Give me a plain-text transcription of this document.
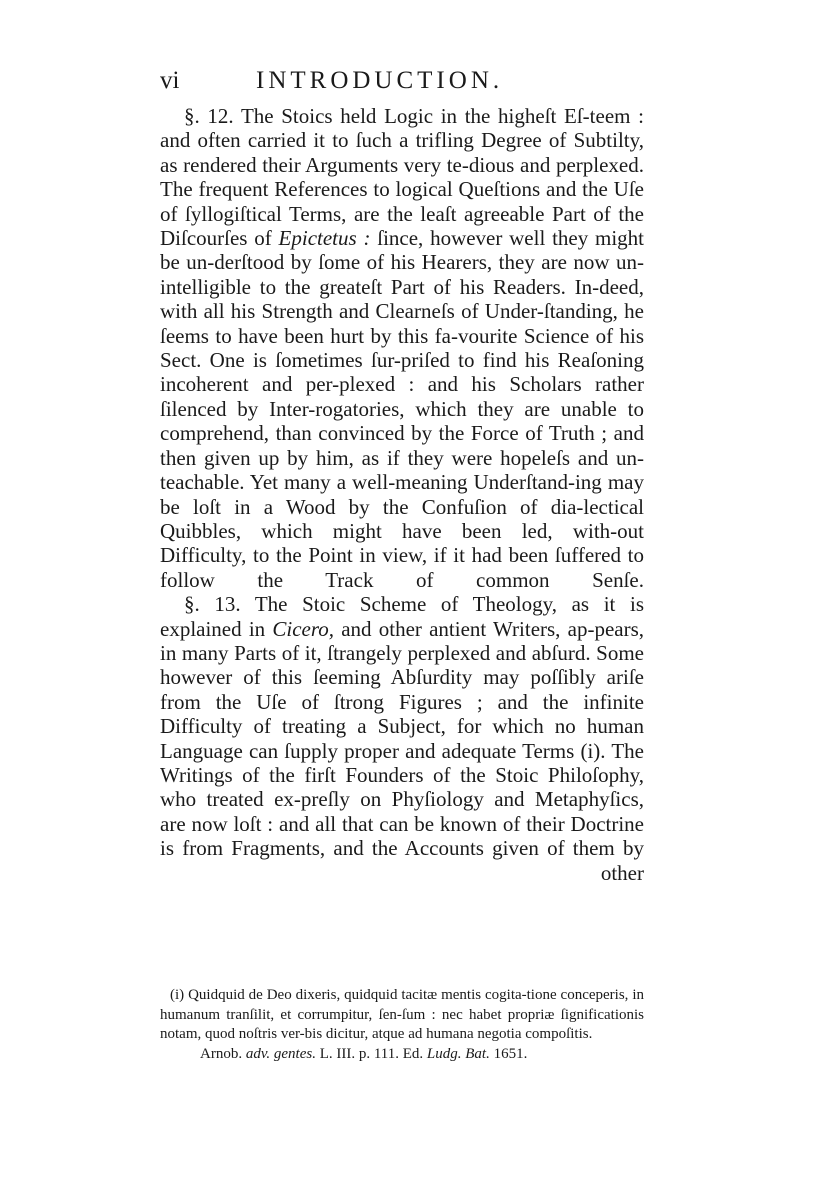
vi	INTRODUCTION.

§. 12. The Stoics held Logic in the higheſt Eſ-teem : and often carried it to ſuch a trifling Degree of Subtilty, as rendered their Arguments very te-dious and perplexed. The frequent References to logical Queſtions and the Uſe of ſyllogiſtical Terms, are the leaſt agreeable Part of the Diſcourſes of Epictetus : ſince, however well they might be un-derſtood by ſome of his Hearers, they are now un-intelligible to the greateſt Part of his Readers. In-deed, with all his Strength and Clearneſs of Under-ſtanding, he ſeems to have been hurt by this fa-vourite Science of his Sect. One is ſometimes ſur-priſed to find his Reaſoning incoherent and per-plexed : and his Scholars rather ſilenced by Inter-rogatories, which they are unable to comprehend, than convinced by the Force of Truth ; and then given up by him, as if they were hopeleſs and un-teachable. Yet many a well-meaning Underſtand-ing may be loſt in a Wood by the Confuſion of dia-lectical Quibbles, which might have been led, with-out Difficulty, to the Point in view, if it had been ſuffered to follow the Track of common Senſe.

§. 13. The Stoic Scheme of Theology, as it is explained in Cicero, and other antient Writers, ap-pears, in many Parts of it, ſtrangely perplexed and abſurd. Some however of this ſeeming Abſurdity may poſſibly ariſe from the Uſe of ſtrong Figures ; and the infinite Difficulty of treating a Subject, for which no human Language can ſupply proper and adequate Terms (i). The Writings of the firſt Founders of the Stoic Philoſophy, who treated ex-preſly on Phyſiology and Metaphyſics, are now loſt : and all that can be known of their Doctrine is from Fragments, and the Accounts given of them by

other

(i) Quidquid de Deo dixeris, quidquid tacitæ mentis cogita-tione conceperis, in humanum tranſilit, et corrumpitur, ſen-ſum : nec habet propriæ ſignificationis notam, quod noſtris ver-bis dicitur, atque ad humana negotia compoſitis.

Arnob. adv. gentes. L. III. p. 111. Ed. Ludg. Bat. 1651.
